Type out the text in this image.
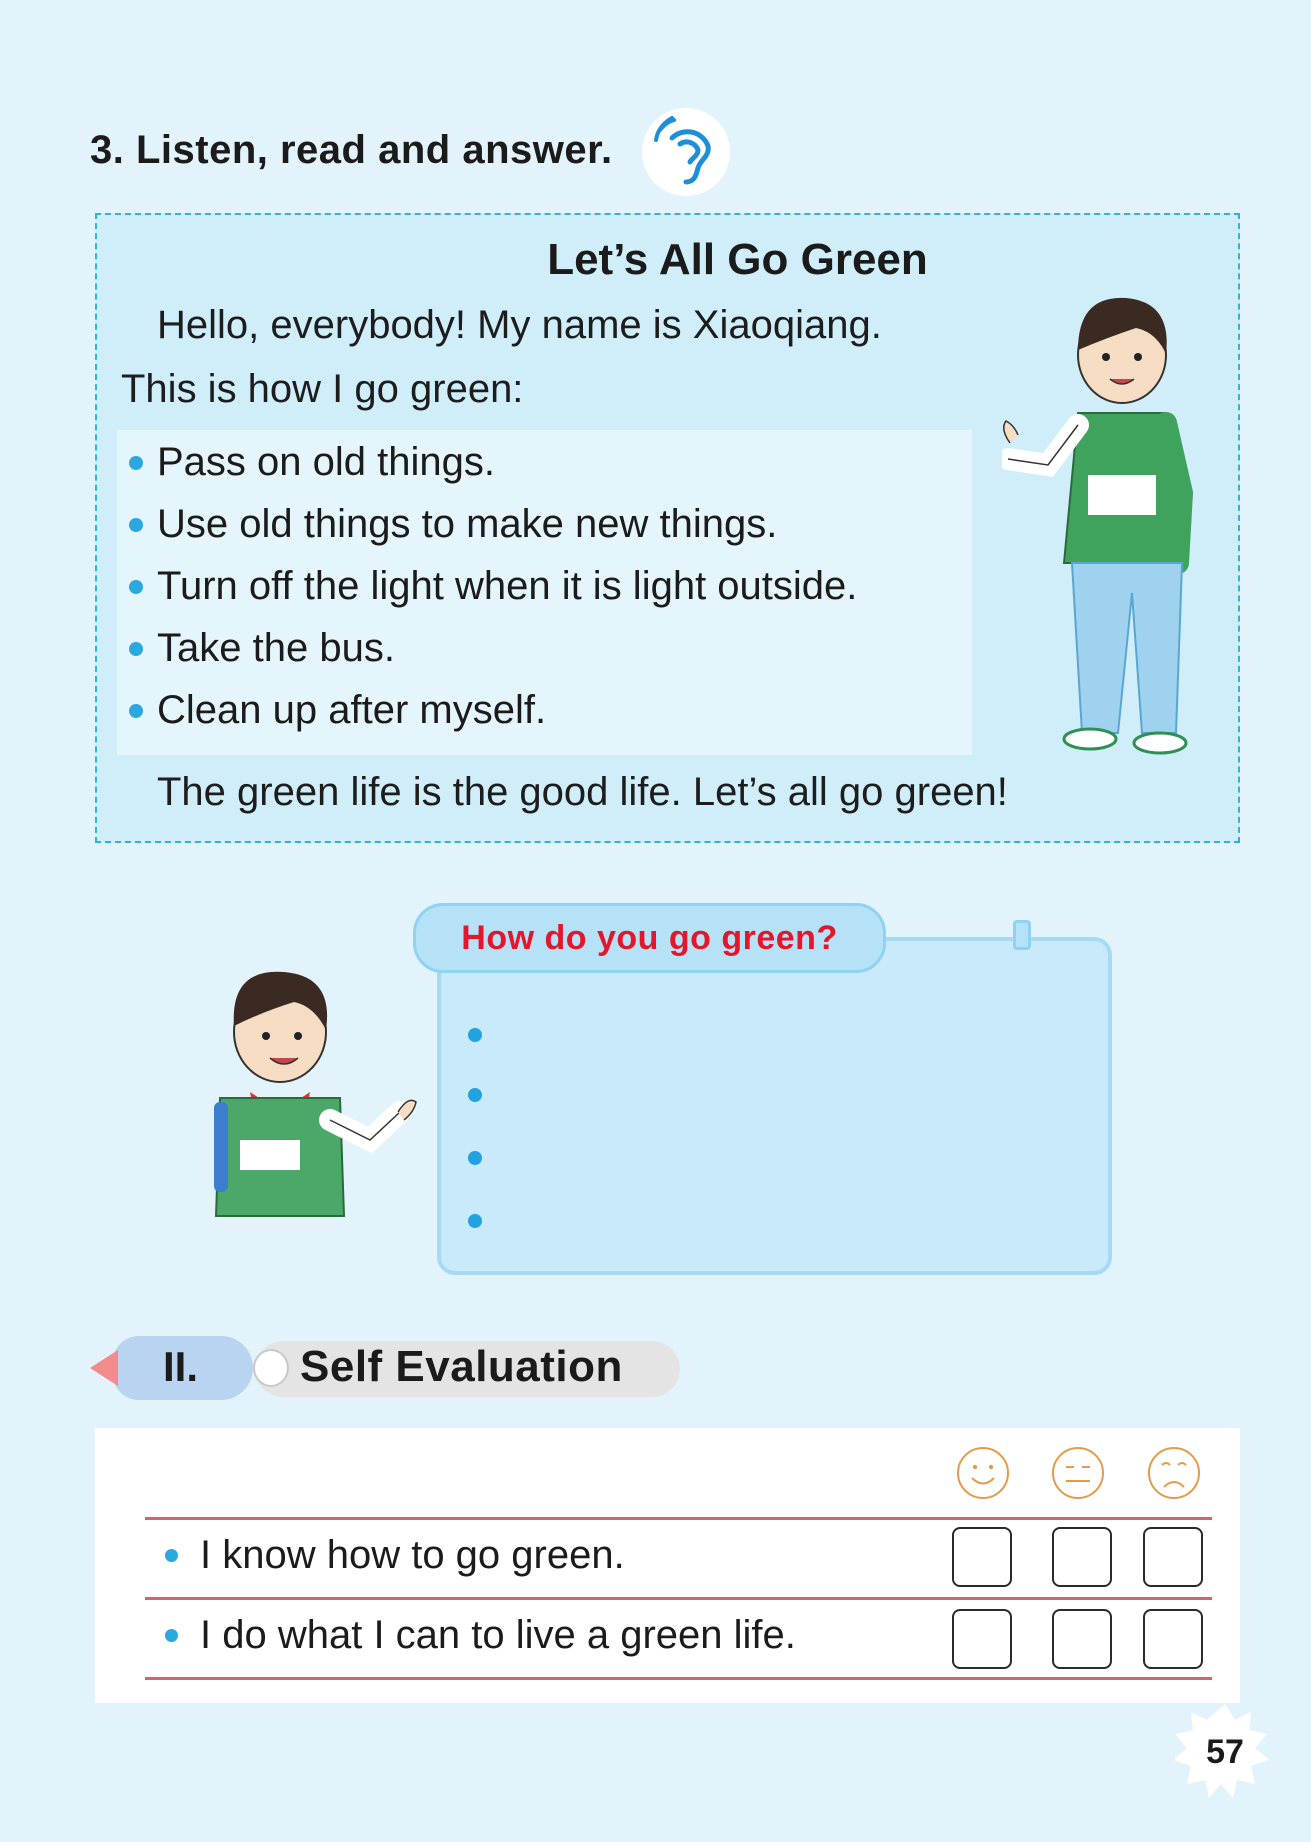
3. Listen, read and answer.
Let’s All Go Green
Hello, everybody! My name is Xiaoqiang.
This is how I go green:
Pass on old things.
Use old things to make new things.
Turn off the light when it is light outside.
Take the bus.
Clean up after myself.
The green life is the good life. Let’s all go green!
How do you go green?
II. Self Evaluation
I know how to go green.
I do what I can to live a green life.
57
